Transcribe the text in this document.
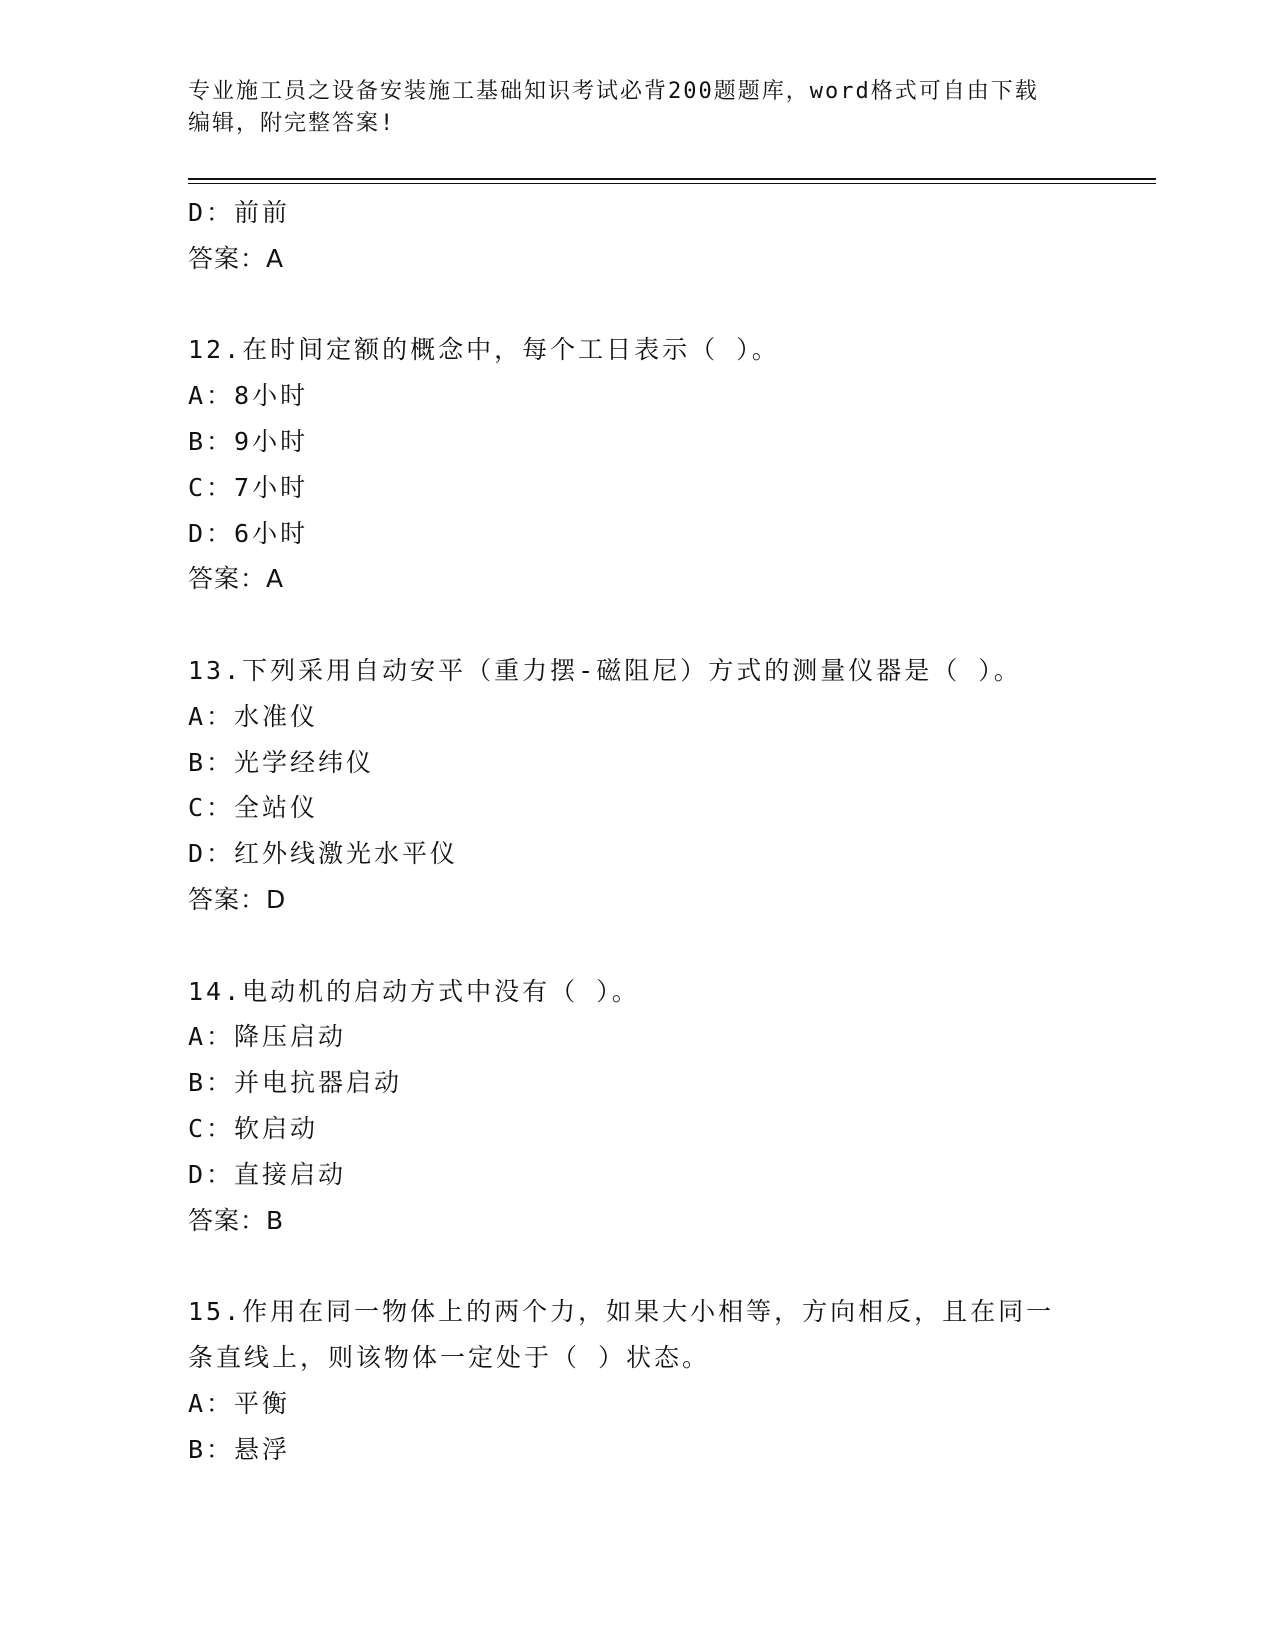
专业施工员之设备安装施工基础知识考试必背200题题库，word格式可自由下载
编辑，附完整答案!
D：前前
答案：A
12.在时间定额的概念中，每个工日表示（ ）。
A：8小时
B：9小时
C：7小时
D：6小时
答案：A
13.下列采用自动安平（重力摆-磁阻尼）方式的测量仪器是（ ）。
A：水准仪
B：光学经纬仪
C：全站仪
D：红外线激光水平仪
答案：D
14.电动机的启动方式中没有（ ）。
A：降压启动
B：并电抗器启动
C：软启动
D：直接启动
答案：B
15.作用在同一物体上的两个力，如果大小相等，方向相反，且在同一
条直线上，则该物体一定处于（ ）状态。
A：平衡
B：悬浮
